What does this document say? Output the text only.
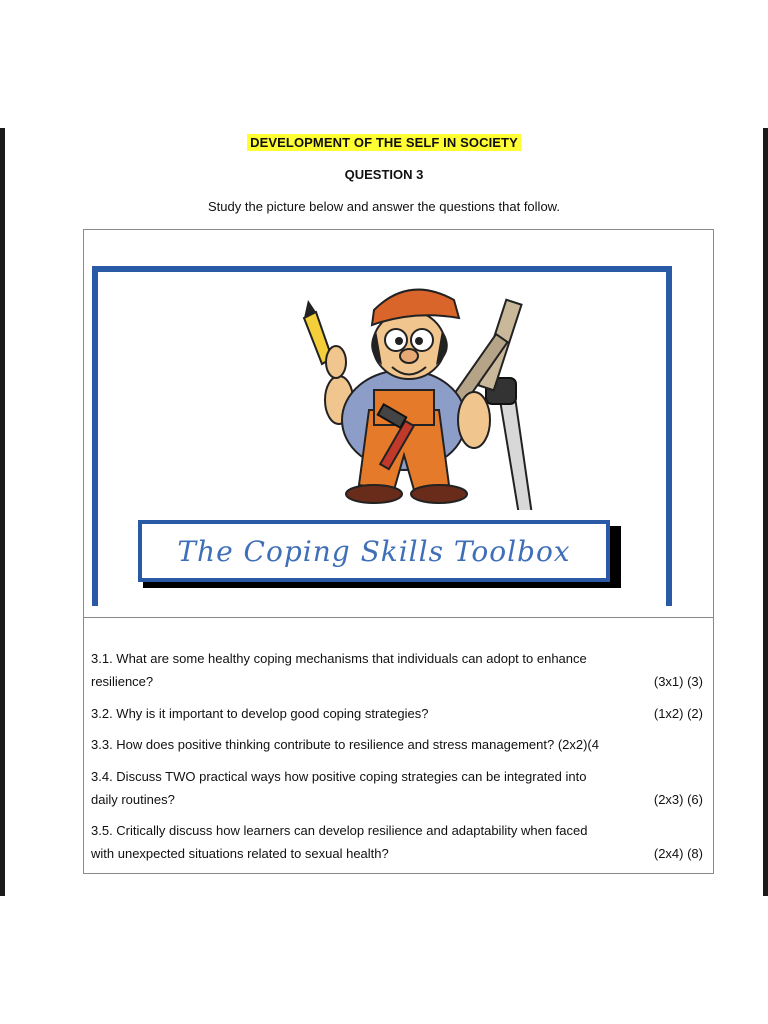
DEVELOPMENT OF THE SELF IN SOCIETY
QUESTION 3
Study the picture below and answer the questions that follow.
The Coping Skills Toolbox
3.1. What are some healthy coping mechanisms that individuals can adopt to enhance
resilience?	(3x1) (3)
3.2. Why is it important to develop good coping strategies?	(1x2) (2)
3.3. How does positive thinking contribute to resilience and stress management? (2x2)(4
3.4. Discuss TWO practical ways how positive coping strategies can be integrated into
daily routines?	(2x3) (6)
3.5. Critically discuss how learners can develop resilience and adaptability when faced
with unexpected situations related to sexual health?	(2x4) (8)
